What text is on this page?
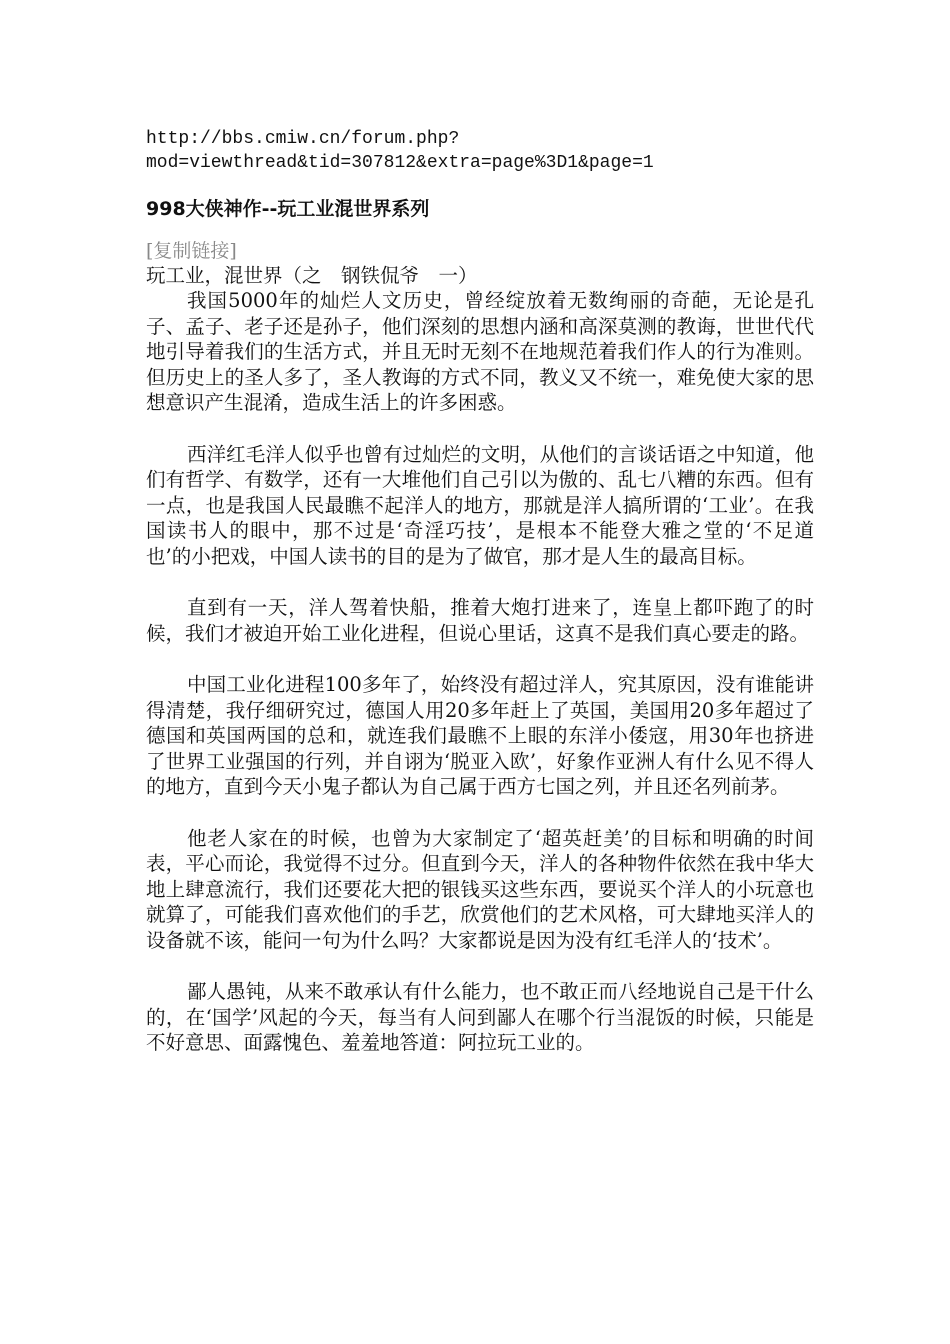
http://bbs.cmiw.cn/forum.php?
mod=viewthread&tid=307812&extra=page%3D1&page=1

998大侠神作--玩工业混世界系列

[复制链接]

玩工业，混世界（之　钢铁侃爷　一）

我国5000年的灿烂人文历史，曾经绽放着无数绚丽的奇葩，无论是孔子、孟子、老子还是孙子，他们深刻的思想内涵和高深莫测的教诲，世世代代地引导着我们的生活方式，并且无时无刻不在地规范着我们作人的行为准则。但历史上的圣人多了，圣人教诲的方式不同，教义又不统一，难免使大家的思想意识产生混淆，造成生活上的许多困惑。

西洋红毛洋人似乎也曾有过灿烂的文明，从他们的言谈话语之中知道，他们有哲学、有数学，还有一大堆他们自己引以为傲的、乱七八糟的东西。但有一点，也是我国人民最瞧不起洋人的地方，那就是洋人搞所谓的‘工业’。在我国读书人的眼中，那不过是‘奇淫巧技’，是根本不能登大雅之堂的‘不足道也’的小把戏，中国人读书的目的是为了做官，那才是人生的最高目标。

直到有一天，洋人驾着快船，推着大炮打进来了，连皇上都吓跑了的时候，我们才被迫开始工业化进程，但说心里话，这真不是我们真心要走的路。

中国工业化进程100多年了，始终没有超过洋人，究其原因，没有谁能讲得清楚，我仔细研究过，德国人用20多年赶上了英国，美国用20多年超过了德国和英国两国的总和，就连我们最瞧不上眼的东洋小倭寇，用30年也挤进了世界工业强国的行列，并自诩为‘脱亚入欧’，好象作亚洲人有什么见不得人的地方，直到今天小鬼子都认为自己属于西方七国之列，并且还名列前茅。

他老人家在的时候，也曾为大家制定了‘超英赶美’的目标和明确的时间表，平心而论，我觉得不过分。但直到今天，洋人的各种物件依然在我中华大地上肆意流行，我们还要花大把的银钱买这些东西，要说买个洋人的小玩意也就算了，可能我们喜欢他们的手艺，欣赏他们的艺术风格，可大肆地买洋人的设备就不该，能问一句为什么吗？大家都说是因为没有红毛洋人的‘技术’。

鄙人愚钝，从来不敢承认有什么能力，也不敢正而八经地说自己是干什么的，在‘国学’风起的今天，每当有人问到鄙人在哪个行当混饭的时候，只能是不好意思、面露愧色、羞羞地答道：阿拉玩工业的。
